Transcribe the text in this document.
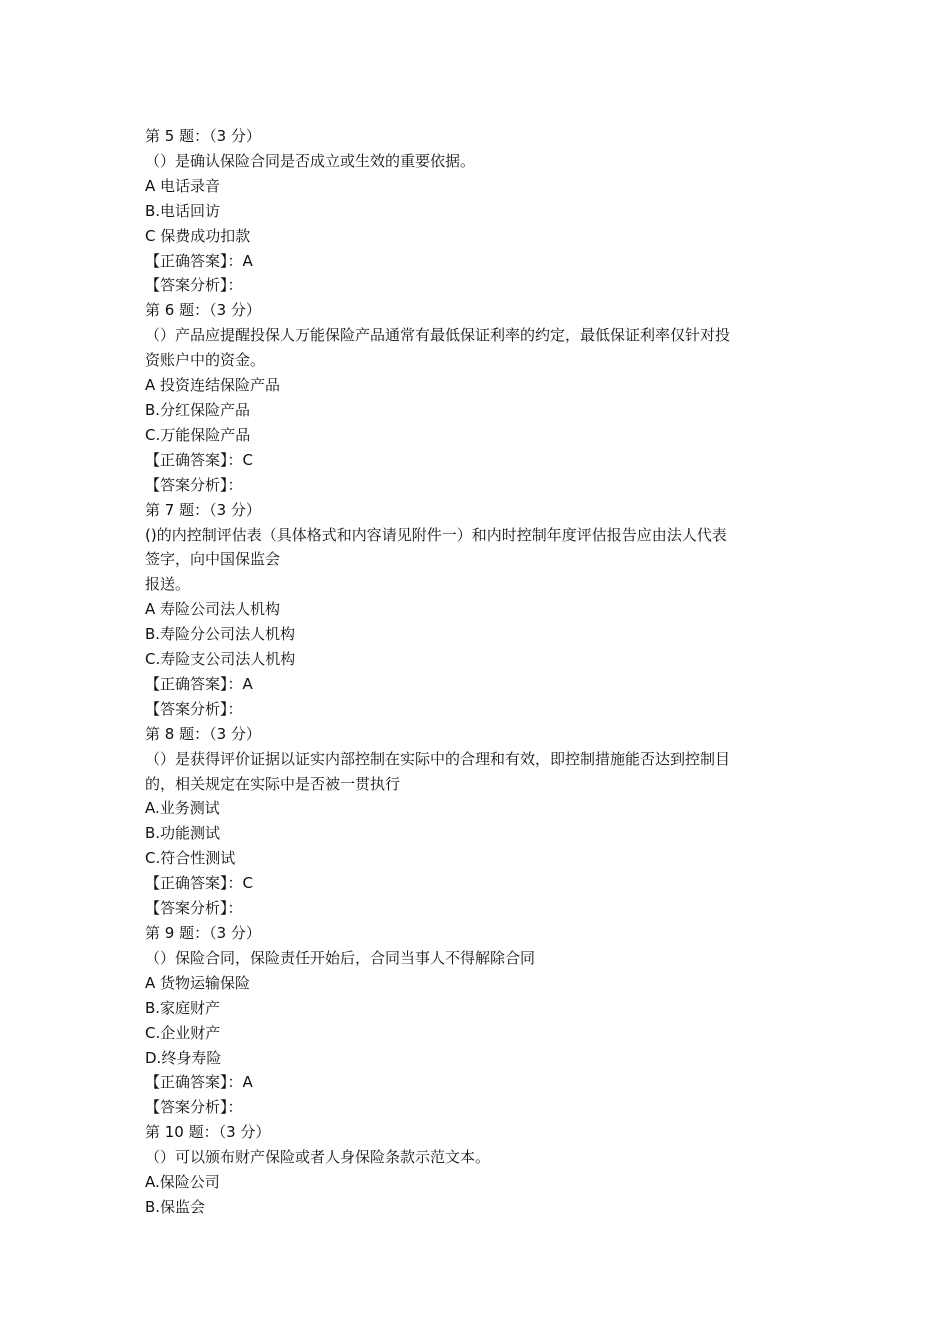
第 5 题：（3 分）

（）是确认保险合同是否成立或生效的重要依据。

A 电话录音

B.电话回访

C 保费成功扣款

【正确答案】：A

【答案分析】：

第 6 题：（3 分）

（）产品应提醒投保人万能保险产品通常有最低保证利率的约定，最低保证利率仅针对投

资账户中的资金。

A 投资连结保险产品

B.分红保险产品

C.万能保险产品

【正确答案】：C

【答案分析】：

第 7 题：（3 分）

()的内控制评估表（具体格式和内容请见附件一）和内时控制年度评估报告应由法人代表

签字，向中国保监会

报送。

A 寿险公司法人机构

B.寿险分公司法人机构

C.寿险支公司法人机构

【正确答案】：A

【答案分析】：

第 8 题：（3 分）

（）是获得评价证据以证实内部控制在实际中的合理和有效，即控制措施能否达到控制目

的，相关规定在实际中是否被一贯执行

A.业务测试

B.功能测试

C.符合性测试

【正确答案】：C

【答案分析】：

第 9 题：（3 分）

（）保险合同，保险责任开始后，合同当事人不得解除合同

A 货物运输保险

B.家庭财产

C.企业财产

D.终身寿险

【正确答案】：A

【答案分析】：

第 10 题：（3 分）

（）可以颁布财产保险或者人身保险条款示范文本。

A.保险公司

B.保监会
